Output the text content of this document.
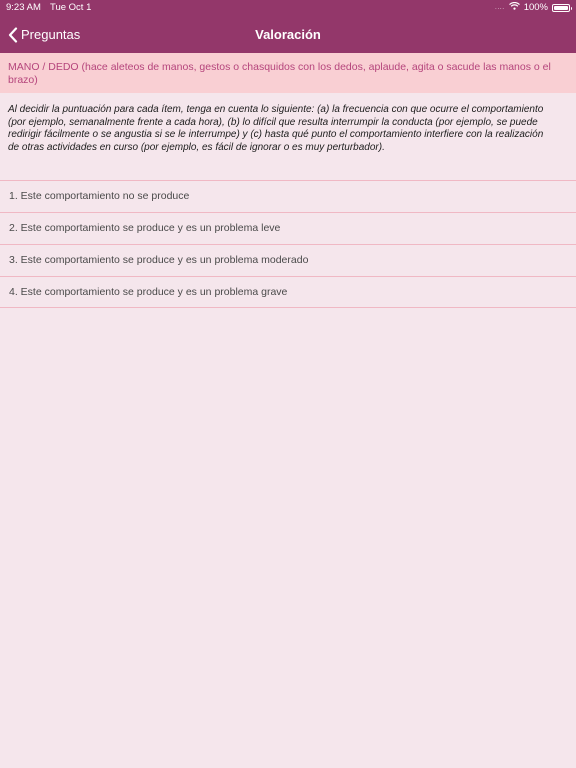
9:23 AM Tue Oct 1	.... 100%
Preguntas	Valoración
MANO / DEDO (hace aleteos de manos, gestos o chasquidos con los dedos, aplaude, agita o sacude las manos o el brazo)
Al decidir la puntuación para cada ítem, tenga en cuenta lo siguiente: (a) la frecuencia con que ocurre el comportamiento (por ejemplo, semanalmente frente a cada hora), (b) lo difícil que resulta interrumpir la conducta (por ejemplo, se puede redirigir fácilmente o se angustia si se le interrumpe) y (c) hasta qué punto el comportamiento interfiere con la realización de otras actividades en curso (por ejemplo, es fácil de ignorar o es muy perturbador).
1. Este comportamiento no se produce
2. Este comportamiento se produce y es un problema leve
3. Este comportamiento se produce y es un problema moderado
4. Este comportamiento se produce y es un problema grave
